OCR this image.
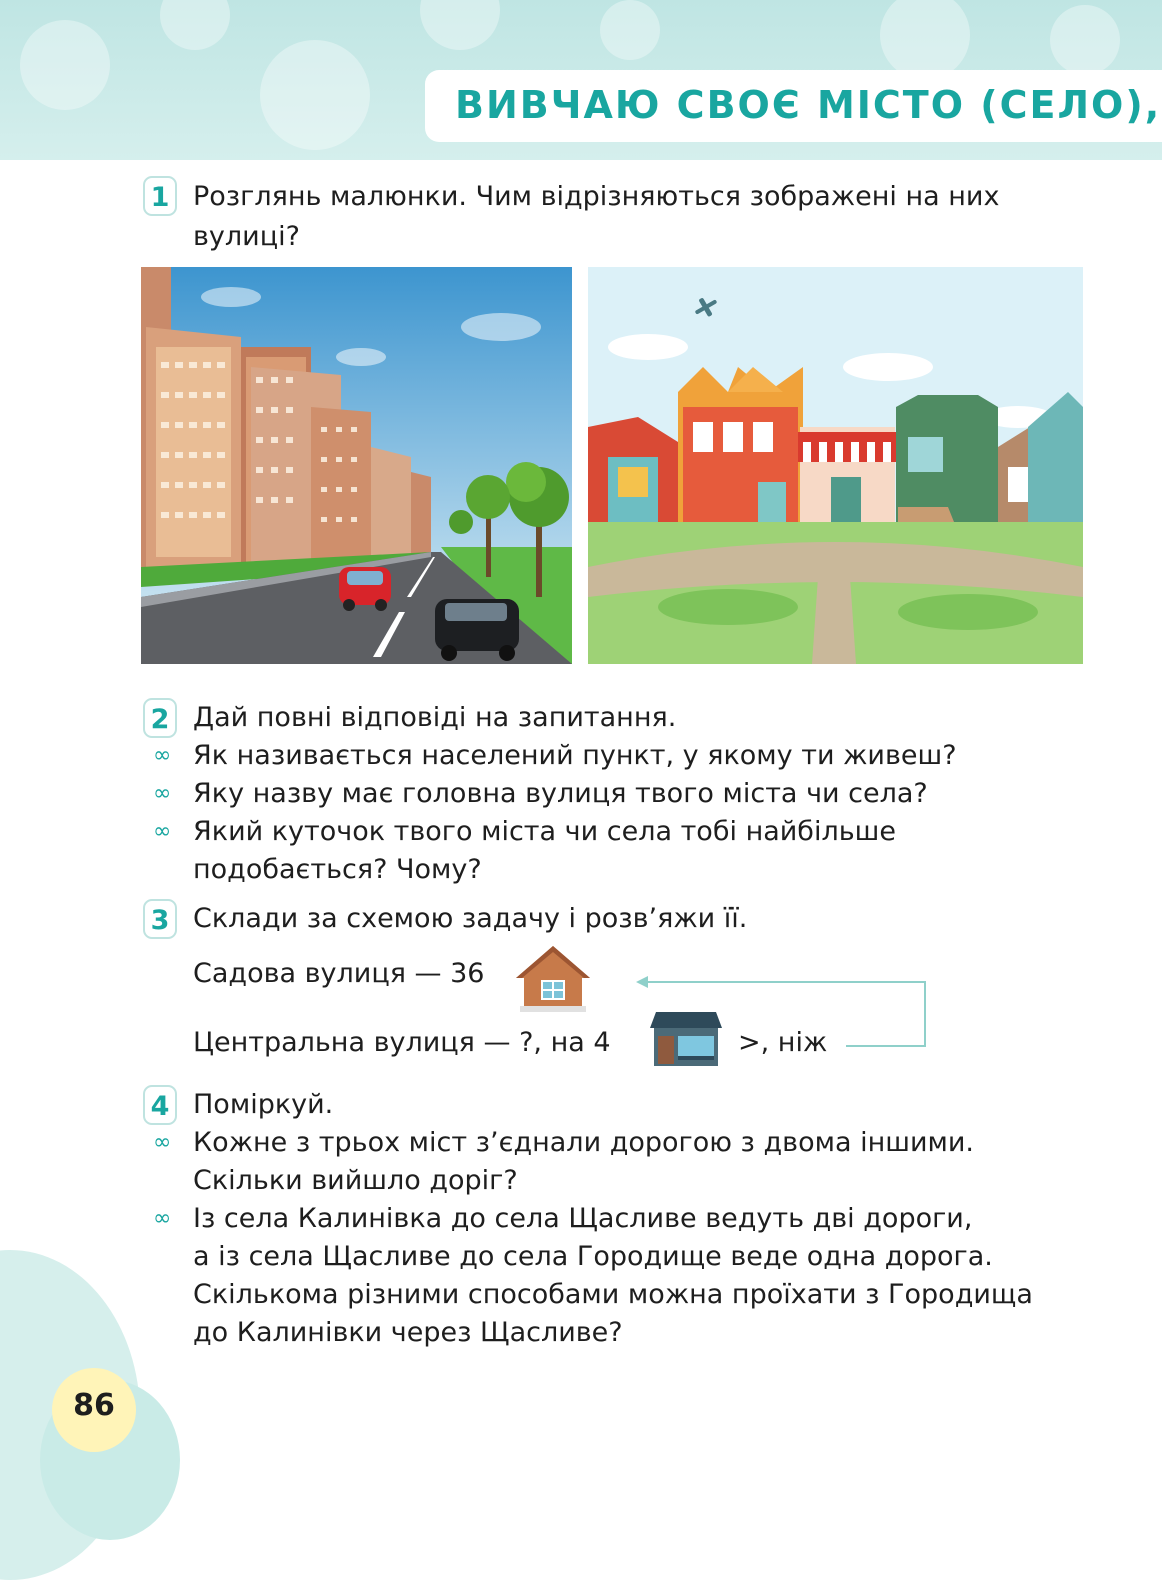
ВИВЧАЮ СВОЄ МІСТО (СЕЛО),
1 Розглянь малюнки. Чим відрізняються зображені на них
вулиці?
2 Дай повні відповіді на запитання.
∞ Як називається населений пункт, у якому ти живеш?
∞ Яку назву має головна вулиця твого міста чи села?
∞ Який куточок твого міста чи села тобі найбільше
подобається? Чому?
3 Склади за схемою задачу і розв’яжи її.
Садова вулиця — 36
Центральна вулиця — ?, на 4	>, ніж
4 Поміркуй.
∞ Кожне з трьох міст з’єднали дорогою з двома іншими.
Скільки вийшло доріг?
∞ Із села Калинівка до села Щасливе ведуть дві дороги,
а із села Щасливе до села Городище веде одна дорога.
Скількома різними способами можна проїхати з Городища
до Калинівки через Щасливе?
86
